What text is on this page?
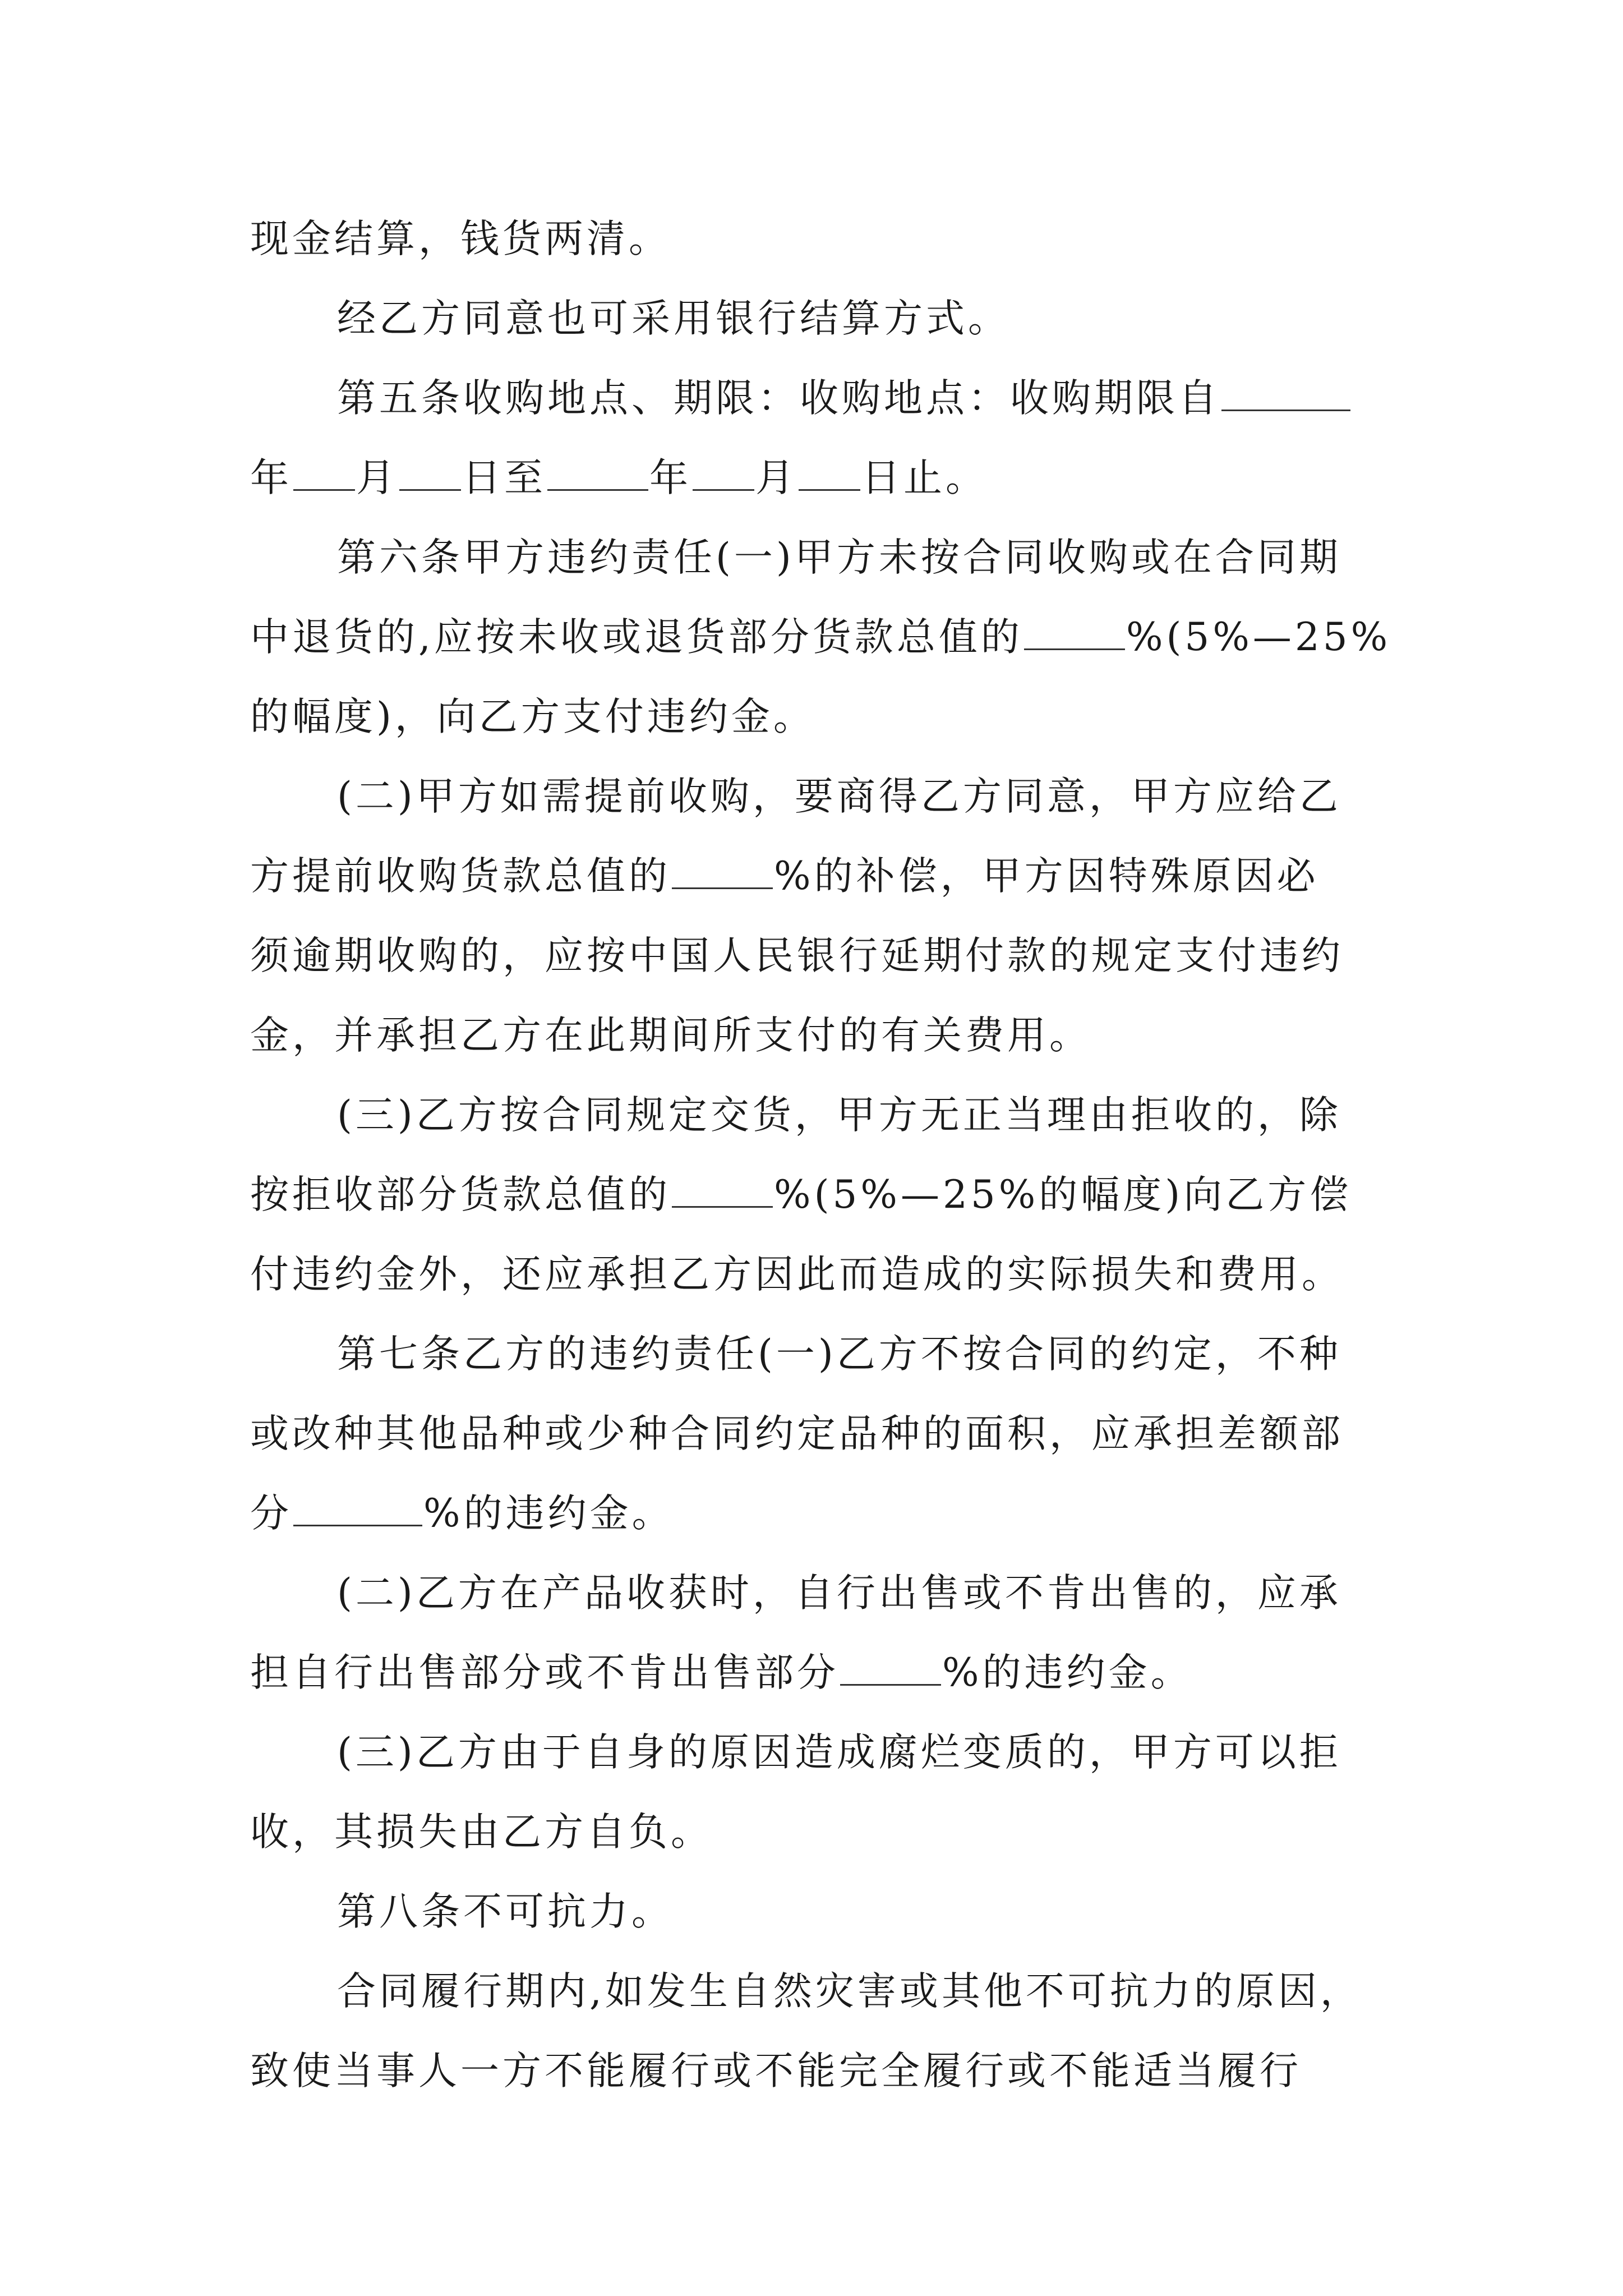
现金结算，钱货两清。
经乙方同意也可采用银行结算方式。
第五条收购地点、期限：收购地点：收购期限自
年 月 日至	年 月 日止。
第六条甲方违约责任(一)甲方未按合同收购或在合同期
中退货的,应按未收或退货部分货款总值的	%(5%—25%
的幅度)，向乙方支付违约金。
(二)甲方如需提前收购，要商得乙方同意，甲方应给乙
方提前收购货款总值的	%的补偿，甲方因特殊原因必
须逾期收购的，应按中国人民银行延期付款的规定支付违约
金，并承担乙方在此期间所支付的有关费用。
(三)乙方按合同规定交货，甲方无正当理由拒收的，除
按拒收部分货款总值的	%(5%—25%的幅度)向乙方偿
付违约金外，还应承担乙方因此而造成的实际损失和费用。
第七条乙方的违约责任(一)乙方不按合同的约定，不种
或改种其他品种或少种合同约定品种的面积，应承担差额部
分	%的违约金。
(二)乙方在产品收获时，自行出售或不肯出售的，应承
担自行出售部分或不肯出售部分	%的违约金。
(三)乙方由于自身的原因造成腐烂变质的，甲方可以拒
收，其损失由乙方自负。
第八条不可抗力。
合同履行期内,如发生自然灾害或其他不可抗力的原因，
致使当事人一方不能履行或不能完全履行或不能适当履行
